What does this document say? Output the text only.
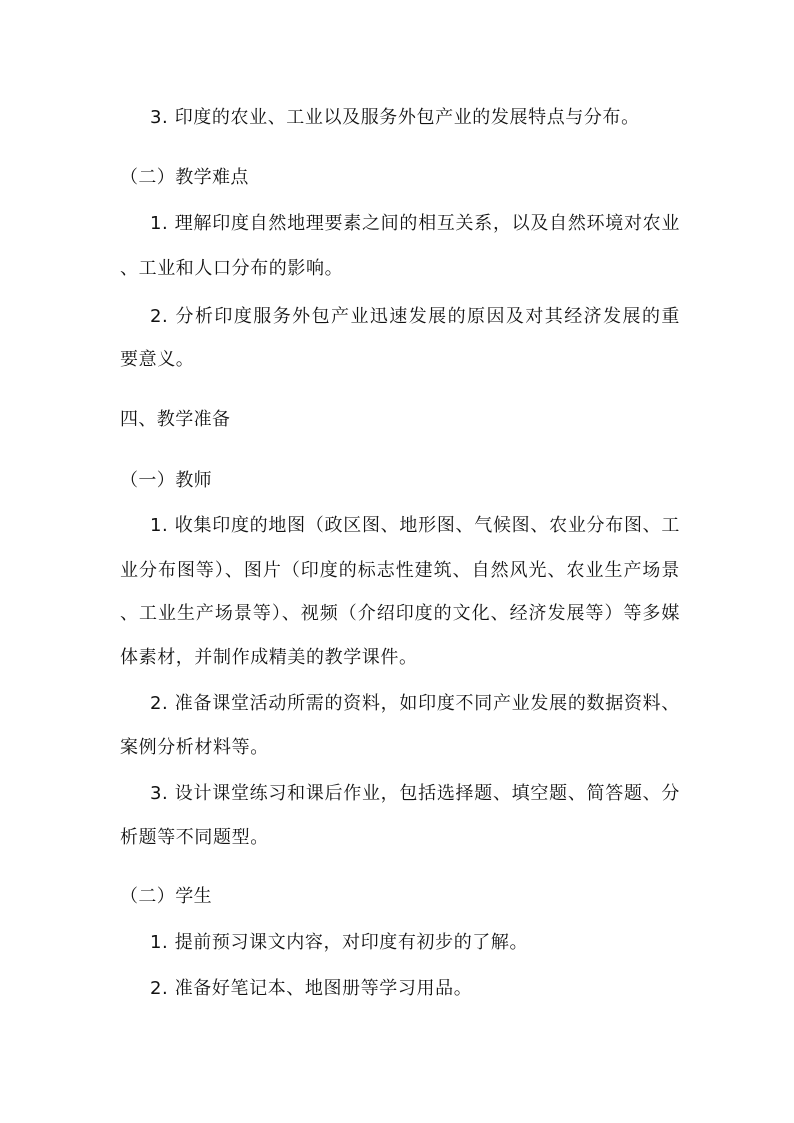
3. 印度的农业、工业以及服务外包产业的发展特点与分布。
（二）教学难点
1. 理解印度自然地理要素之间的相互关系，以及自然环境对农业
、工业和人口分布的影响。
2. 分析印度服务外包产业迅速发展的原因及对其经济发展的重
要意义。
四、教学准备
（一）教师
1. 收集印度的地图（政区图、地形图、气候图、农业分布图、工
业分布图等）、图片（印度的标志性建筑、自然风光、农业生产场景
、工业生产场景等）、视频（介绍印度的文化、经济发展等）等多媒
体素材，并制作成精美的教学课件。
2. 准备课堂活动所需的资料，如印度不同产业发展的数据资料、
案例分析材料等。
3. 设计课堂练习和课后作业，包括选择题、填空题、简答题、分
析题等不同题型。
（二）学生
1. 提前预习课文内容，对印度有初步的了解。
2. 准备好笔记本、地图册等学习用品。
